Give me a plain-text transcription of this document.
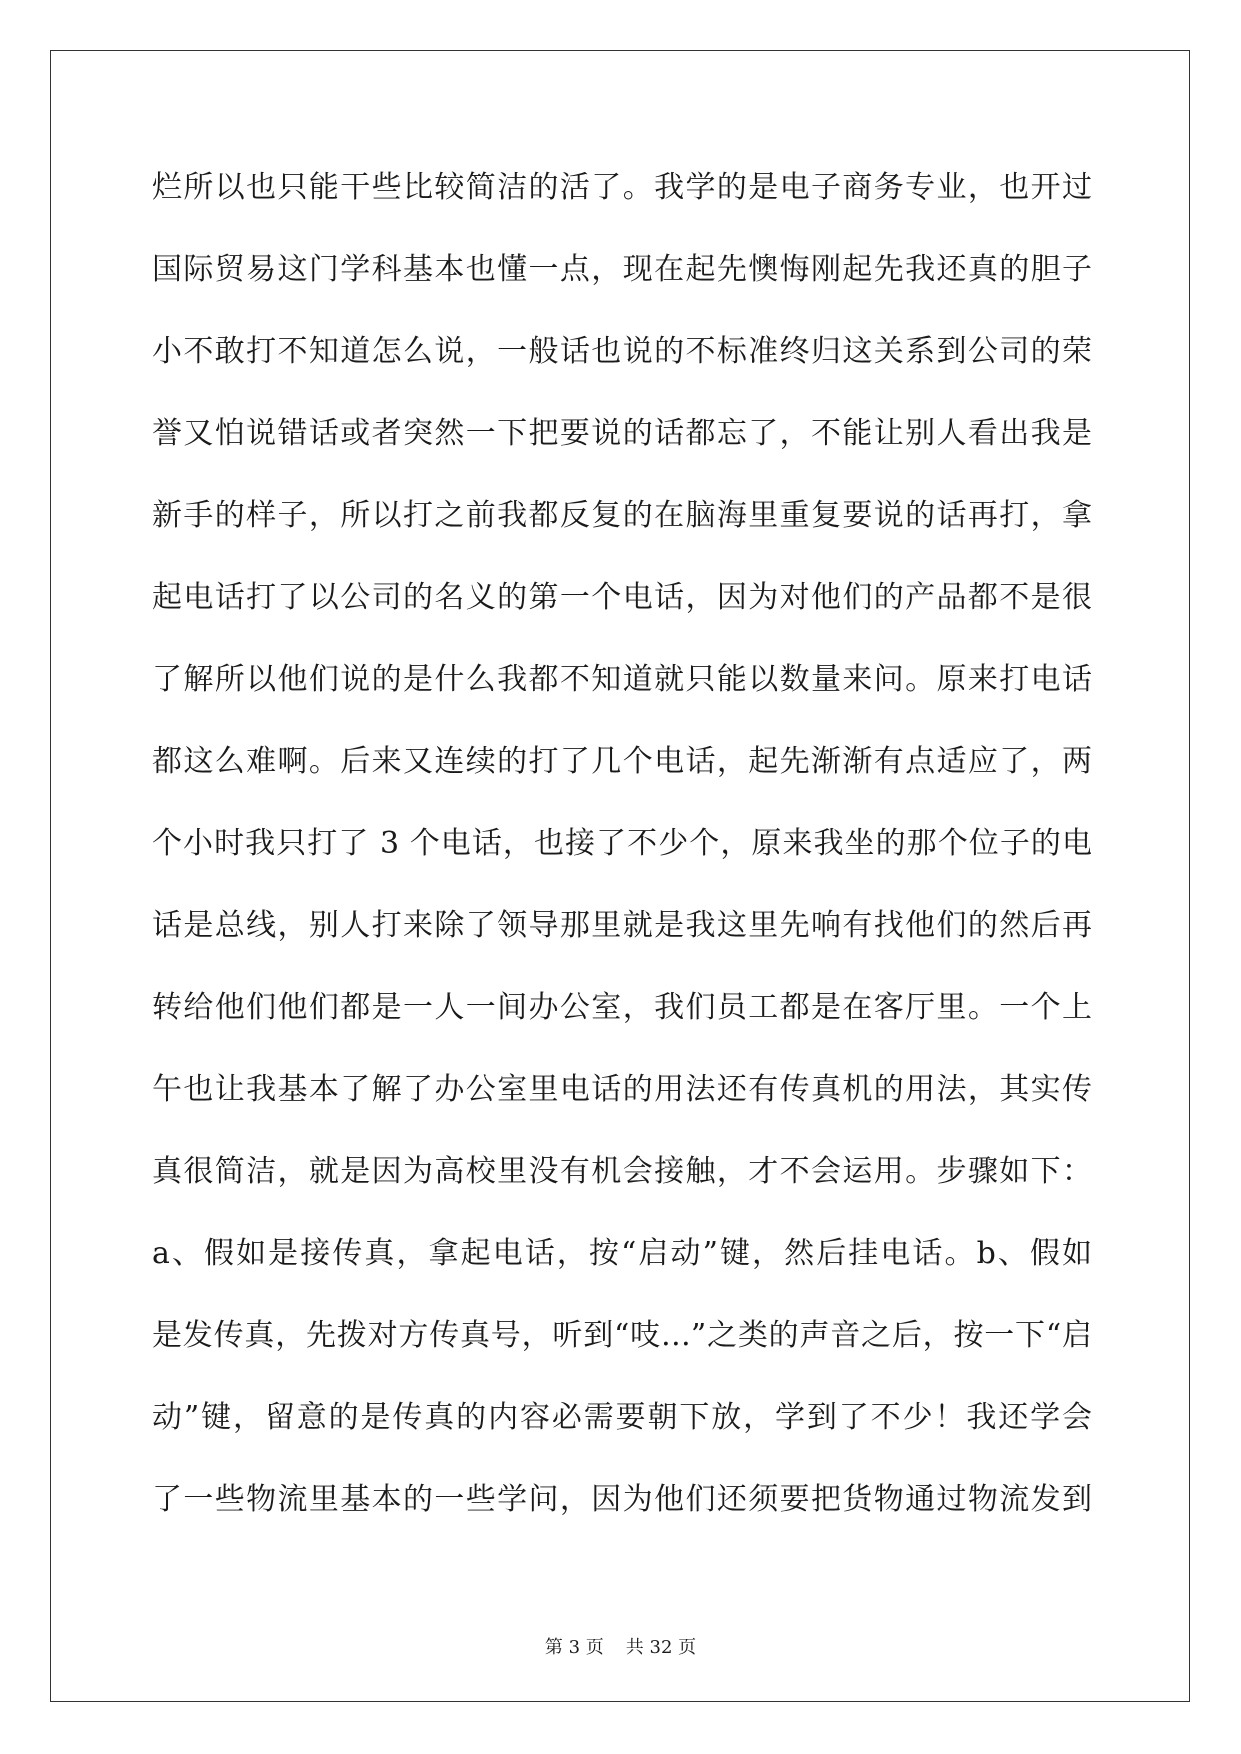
烂所以也只能干些比较简洁的活了。我学的是电子商务专业，也开过
国际贸易这门学科基本也懂一点，现在起先懊悔刚起先我还真的胆子
小不敢打不知道怎么说，一般话也说的不标准终归这关系到公司的荣
誉又怕说错话或者突然一下把要说的话都忘了，不能让别人看出我是
新手的样子，所以打之前我都反复的在脑海里重复要说的话再打，拿
起电话打了以公司的名义的第一个电话，因为对他们的产品都不是很
了解所以他们说的是什么我都不知道就只能以数量来问。原来打电话
都这么难啊。后来又连续的打了几个电话，起先渐渐有点适应了，两
个小时我只打了 3 个电话，也接了不少个，原来我坐的那个位子的电
话是总线，别人打来除了领导那里就是我这里先响有找他们的然后再
转给他们他们都是一人一间办公室，我们员工都是在客厅里。一个上
午也让我基本了解了办公室里电话的用法还有传真机的用法，其实传
真很简洁，就是因为高校里没有机会接触，才不会运用。步骤如下：
a、假如是接传真，拿起电话，按“启动”键，然后挂电话。b、假如
是发传真，先拨对方传真号，听到“吱…”之类的声音之后，按一下“启
动”键，留意的是传真的内容必需要朝下放，学到了不少！我还学会
了一些物流里基本的一些学问，因为他们还须要把货物通过物流发到
第 3 页 共 32 页
